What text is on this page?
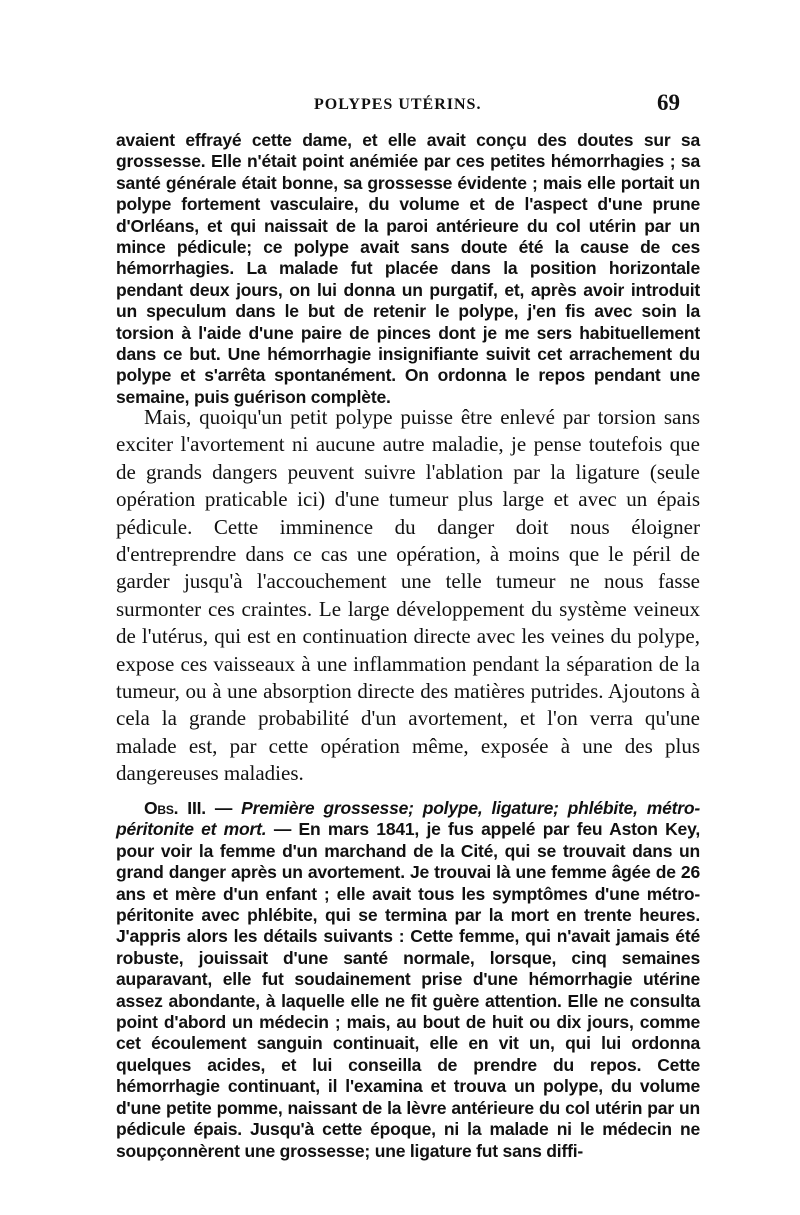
POLYPES UTÉRINS.	69

avaient effrayé cette dame, et elle avait conçu des doutes sur sa grossesse. Elle n'était point anémiée par ces petites hémorrhagies ; sa santé générale était bonne, sa grossesse évidente ; mais elle portait un polype fortement vasculaire, du volume et de l'aspect d'une prune d'Orléans, et qui naissait de la paroi antérieure du col utérin par un mince pédicule; ce polype avait sans doute été la cause de ces hémorrhagies. La malade fut placée dans la position horizontale pendant deux jours, on lui donna un purgatif, et, après avoir introduit un speculum dans le but de retenir le polype, j'en fis avec soin la torsion à l'aide d'une paire de pinces dont je me sers habituellement dans ce but. Une hémorrhagie insignifiante suivit cet arrachement du polype et s'arrêta spontanément. On ordonna le repos pendant une semaine, puis guérison complète.

Mais, quoiqu'un petit polype puisse être enlevé par torsion sans exciter l'avortement ni aucune autre maladie, je pense toutefois que de grands dangers peuvent suivre l'ablation par la ligature (seule opération praticable ici) d'une tumeur plus large et avec un épais pédicule. Cette imminence du danger doit nous éloigner d'entreprendre dans ce cas une opération, à moins que le péril de garder jusqu'à l'accouchement une telle tumeur ne nous fasse surmonter ces craintes. Le large développement du système veineux de l'utérus, qui est en continuation directe avec les veines du polype, expose ces vaisseaux à une inflammation pendant la séparation de la tumeur, ou à une absorption directe des matières putrides. Ajoutons à cela la grande probabilité d'un avortement, et l'on verra qu'une malade est, par cette opération même, exposée à une des plus dangereuses maladies.

Obs. III. — Première grossesse; polype, ligature; phlébite, métro-péritonite et mort. — En mars 1841, je fus appelé par feu Aston Key, pour voir la femme d'un marchand de la Cité, qui se trouvait dans un grand danger après un avortement. Je trouvai là une femme âgée de 26 ans et mère d'un enfant ; elle avait tous les symptômes d'une métro-péritonite avec phlébite, qui se termina par la mort en trente heures. J'appris alors les détails suivants : Cette femme, qui n'avait jamais été robuste, jouissait d'une santé normale, lorsque, cinq semaines auparavant, elle fut soudainement prise d'une hémorrhagie utérine assez abondante, à laquelle elle ne fit guère attention. Elle ne consulta point d'abord un médecin ; mais, au bout de huit ou dix jours, comme cet écoulement sanguin continuait, elle en vit un, qui lui ordonna quelques acides, et lui conseilla de prendre du repos. Cette hémorrhagie continuant, il l'examina et trouva un polype, du volume d'une petite pomme, naissant de la lèvre antérieure du col utérin par un pédicule épais. Jusqu'à cette époque, ni la malade ni le médecin ne soupçonnèrent une grossesse; une ligature fut sans diffi-
